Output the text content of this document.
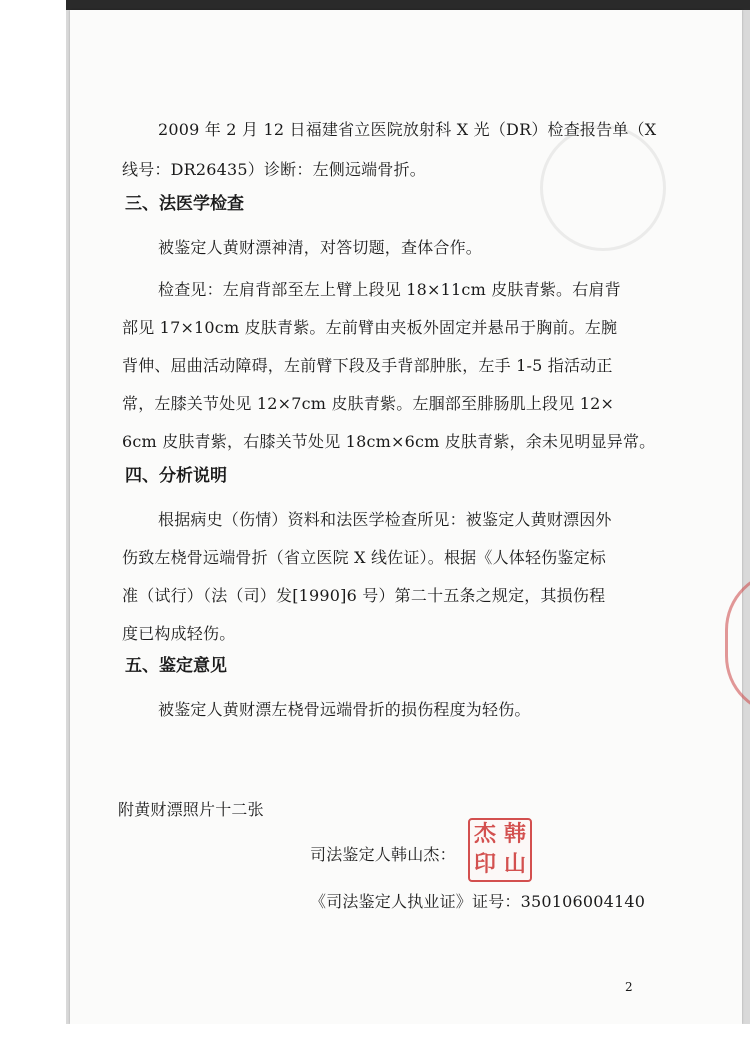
2009 年 2 月 12 日福建省立医院放射科 X 光（DR）检查报告单（X

线号：DR26435）诊断：左侧远端骨折。

三、法医学检查

被鉴定人黄财漂神清，对答切题，查体合作。

检查见：左肩背部至左上臂上段见 18×11cm 皮肤青紫。右肩背

部见 17×10cm 皮肤青紫。左前臂由夹板外固定并悬吊于胸前。左腕

背伸、屈曲活动障碍，左前臂下段及手背部肿胀，左手 1-5 指活动正

常，左膝关节处见 12×7cm 皮肤青紫。左腘部至腓肠肌上段见 12×

6cm 皮肤青紫，右膝关节处见 18cm×6cm 皮肤青紫，余未见明显异常。

四、分析说明

根据病史（伤情）资料和法医学检查所见：被鉴定人黄财漂因外

伤致左桡骨远端骨折（省立医院 X 线佐证）。根据《人体轻伤鉴定标

准（试行）（法（司）发[1990]6 号）第二十五条之规定，其损伤程

度已构成轻伤。

五、鉴定意见

被鉴定人黄财漂左桡骨远端骨折的损伤程度为轻伤。

附黄财漂照片十二张

司法鉴定人韩山杰：

杰 韩
印 山

《司法鉴定人执业证》证号：350106004140

2
